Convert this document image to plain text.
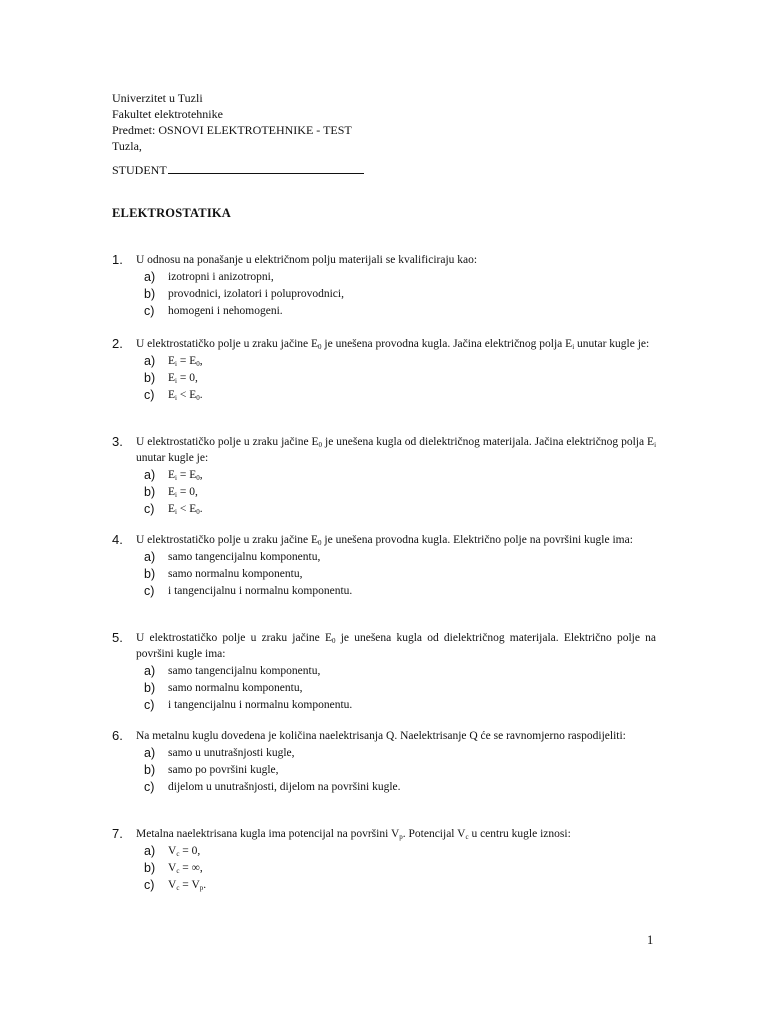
Univerzitet u Tuzli
Fakultet elektrotehnike
Predmet: OSNOVI ELEKTROTEHNIKE - TEST
Tuzla,
STUDENT
ELEKTROSTATIKA
1. U odnosu na ponašanje u električnom polju materijali se kvalificiraju kao:
a) izotropni i anizotropni,
b) provodnici, izolatori i poluprovodnici,
c) homogeni i nehomogeni.
2. U elektrostatičko polje u zraku jačine $E_0$ je unešena provodna kugla. Jačina električnog polja $E_i$ unutar kugle je:
a) $E_i = E_0$,
b) $E_i = 0$,
c) $E_i < E_0$.
3. U elektrostatičko polje u zraku jačine $E_0$ je unešena kugla od dielektričnog materijala. Jačina električnog polja $E_i$ unutar kugle je:
a) $E_i = E_0$,
b) $E_i = 0$,
c) $E_i < E_0$.
4. U elektrostatičko polje u zraku jačine $E_0$ je unešena provodna kugla. Električno polje na površini kugle ima:
a) samo tangencijalnu komponentu,
b) samo normalnu komponentu,
c) i tangencijalnu i normalnu komponentu.
5. U elektrostatičko polje u zraku jačine $E_0$ je unešena kugla od dielektričnog materijala. Električno polje na površini kugle ima:
a) samo tangencijalnu komponentu,
b) samo normalnu komponentu,
c) i tangencijalnu i normalnu komponentu.
6. Na metalnu kuglu dovedena je količina naelektrisanja Q. Naelektrisanje Q će se ravnomjerno raspodijeliti:
a) samo u unutrašnjosti kugle,
b) samo po površini kugle,
c) dijelom u unutrašnjosti, dijelom na površini kugle.
7. Metalna naelektrisana kugla ima potencijal na površini $V_p$. Potencijal $V_c$ u centru kugle iznosi:
a) $V_c = 0$,
b) $V_c$ = ∞,
c) $V_c = V_p$.
1
